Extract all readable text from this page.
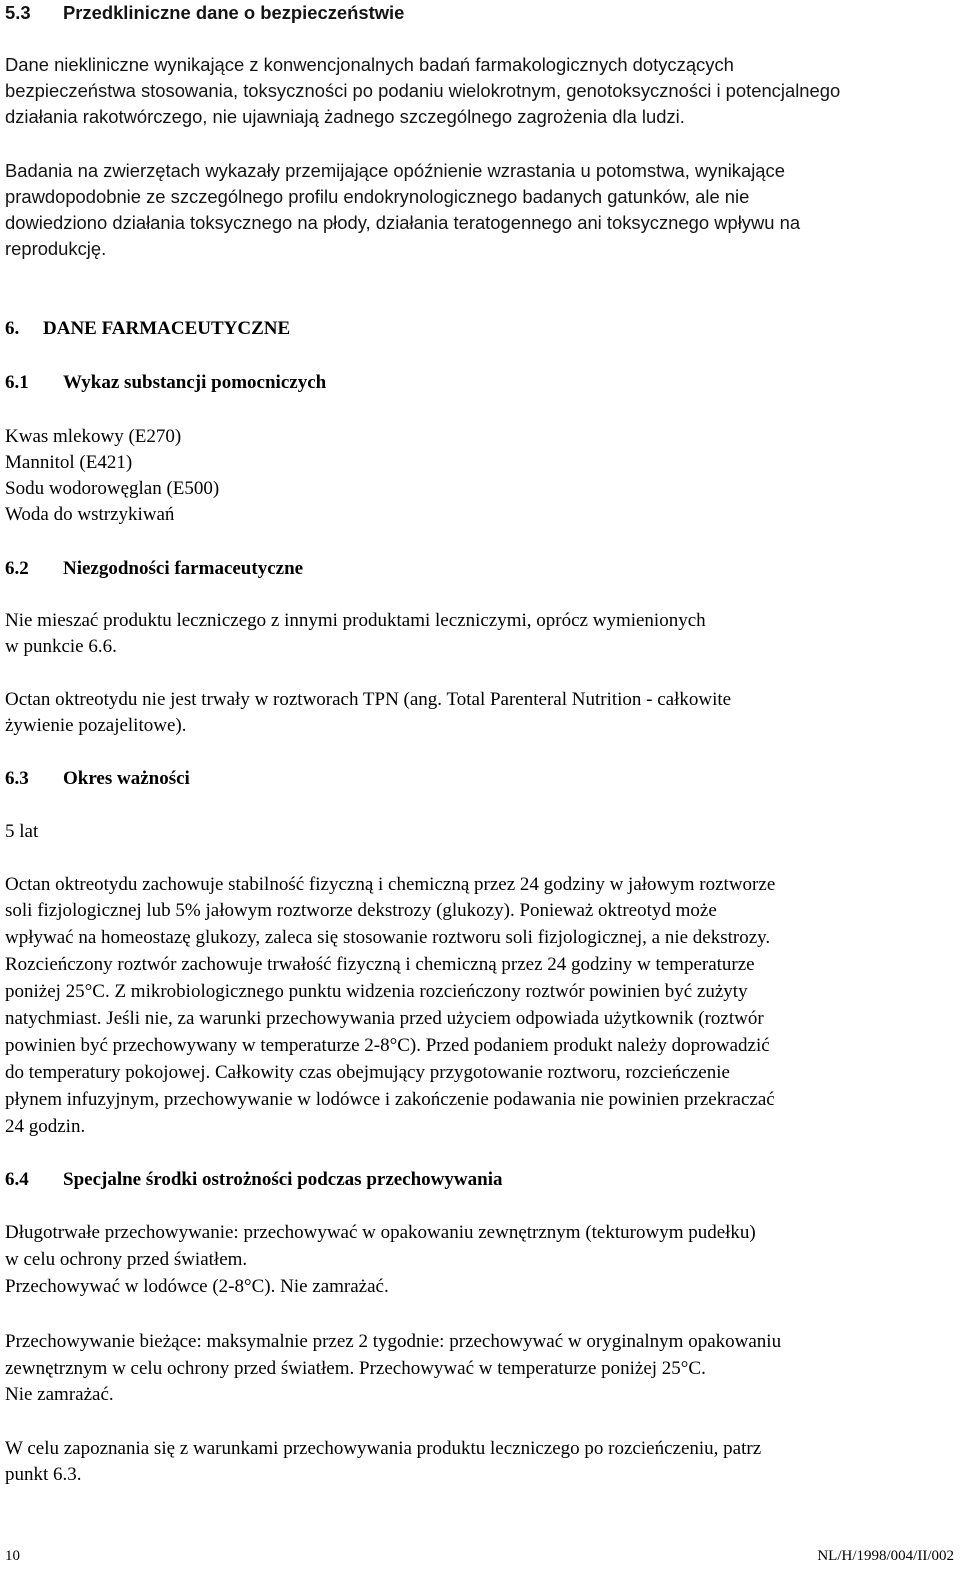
5.3 Przedkliniczne dane o bezpieczeństwie
Dane niekliniczne wynikające z konwencjonalnych badań farmakologicznych dotyczących
bezpieczeństwa stosowania, toksyczności po podaniu wielokrotnym, genotoksyczności i potencjalnego
działania rakotwórczego, nie ujawniają żadnego szczególnego zagrożenia dla ludzi.
Badania na zwierzętach wykazały przemijające opóźnienie wzrastania u potomstwa, wynikające
prawdopodobnie ze szczególnego profilu endokrynologicznego badanych gatunków, ale nie
dowiedziono działania toksycznego na płody, działania teratogennego ani toksycznego wpływu na
reprodukcję.
6. DANE FARMACEUTYCZNE
6.1 Wykaz substancji pomocniczych
Kwas mlekowy (E270)
Mannitol (E421)
Sodu wodorowęglan (E500)
Woda do wstrzykiwań
6.2 Niezgodności farmaceutyczne
Nie mieszać produktu leczniczego z innymi produktami leczniczymi, oprócz wymienionych
w punkcie 6.6.
Octan oktreotydu nie jest trwały w roztworach TPN (ang. Total Parenteral Nutrition - całkowite
żywienie pozajelitowe).
6.3 Okres ważności
5 lat
Octan oktreotydu zachowuje stabilność fizyczną i chemiczną przez 24 godziny w jałowym roztworze
soli fizjologicznej lub 5% jałowym roztworze dekstrozy (glukozy). Ponieważ oktreotyd może
wpływać na homeostazę glukozy, zaleca się stosowanie roztworu soli fizjologicznej, a nie dekstrozy.
Rozcieńczony roztwór zachowuje trwałość fizyczną i chemiczną przez 24 godziny w temperaturze
poniżej 25°C. Z mikrobiologicznego punktu widzenia rozcieńczony roztwór powinien być zużyty
natychmiast. Jeśli nie, za warunki przechowywania przed użyciem odpowiada użytkownik (roztwór
powinien być przechowywany w temperaturze 2-8°C). Przed podaniem produkt należy doprowadzić
do temperatury pokojowej. Całkowity czas obejmujący przygotowanie roztworu, rozcieńczenie
płynem infuzyjnym, przechowywanie w lodówce i zakończenie podawania nie powinien przekraczać
24 godzin.
6.4 Specjalne środki ostrożności podczas przechowywania
Długotrwałe przechowywanie: przechowywać w opakowaniu zewnętrznym (tekturowym pudełku)
w celu ochrony przed światłem.
Przechowywać w lodówce (2-8°C). Nie zamrażać.
Przechowywanie bieżące: maksymalnie przez 2 tygodnie: przechowywać w oryginalnym opakowaniu
zewnętrznym w celu ochrony przed światłem. Przechowywać w temperaturze poniżej 25°C.
Nie zamrażać.
W celu zapoznania się z warunkami przechowywania produktu leczniczego po rozcieńczeniu, patrz
punkt 6.3.
10	NL/H/1998/004/II/002
